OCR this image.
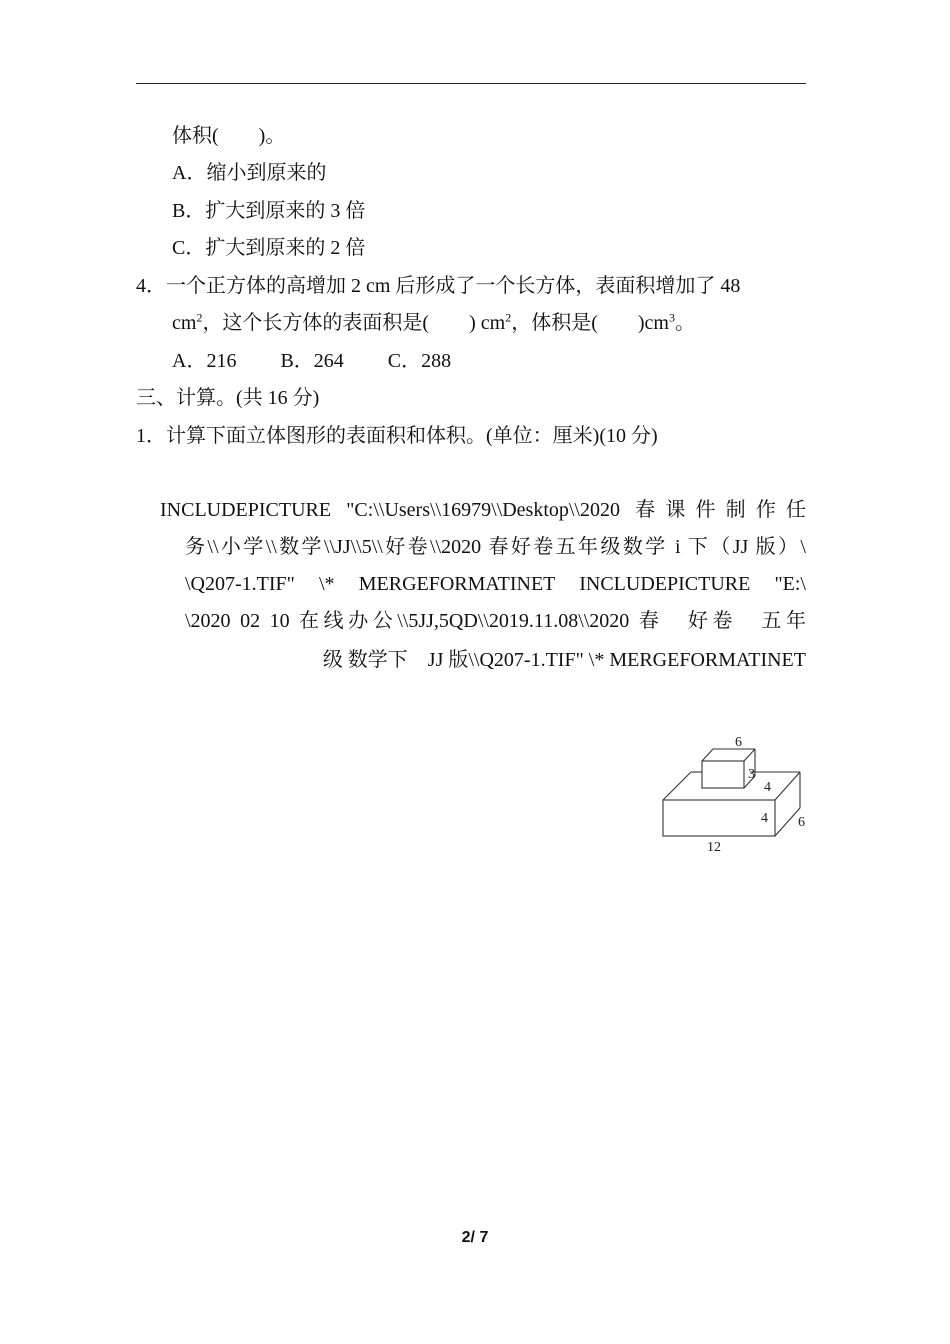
体积(　　)。
A．缩小到原来的
B．扩大到原来的 3 倍
C．扩大到原来的 2 倍
4．一个正方体的高增加 2 cm 后形成了一个长方体，表面积增加了 48
$cm^2$，这个长方体的表面积是(　　) $cm^2$，体积是(　　)$cm^3$。
A．216 B．264 C．288
三、计算。(共 16 分)
1．计算下面立体图形的表面积和体积。(单位：厘米)(10 分)
INCLUDEPICTURE "C:\\Users\\16979\\Desktop\\2020 春课件制作任
务\\小学\\数学\\JJ\\5\\好卷\\2020 春好卷五年级数学 i 下（JJ 版）\
\Q207-1.TIF" \* MERGEFORMATINET INCLUDEPICTURE "E:\
\2020 02 10 在线办公\\5JJ,5QD\\2019.11.08\\2020 春　好卷　五年
级 数学下　JJ 版\\Q207-1.TIF" \* MERGEFORMATINET
6
3
4
4 6
12
2/ 7
